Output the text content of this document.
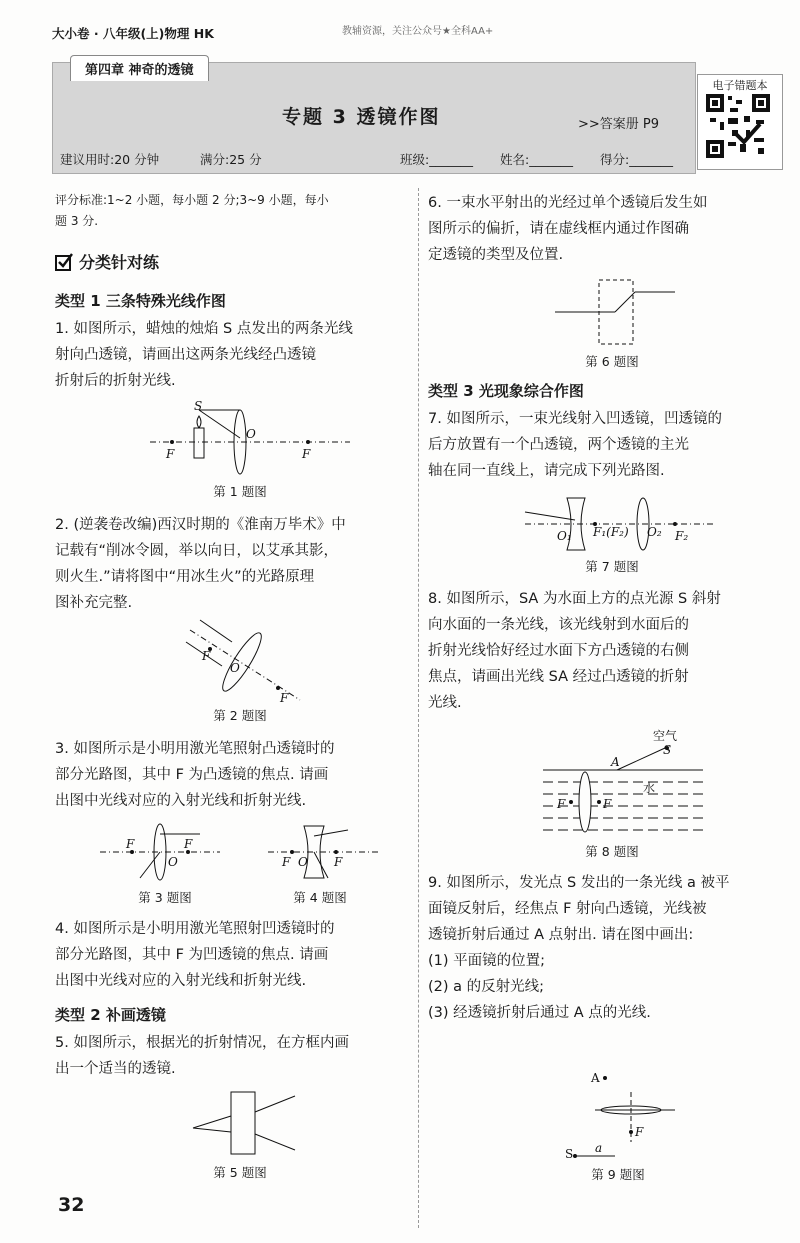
大小卷 · 八年级(上)物理 HK	教辅资源，关注公众号★全科AA+
第四章 神奇的透镜
专题 3 透镜作图	>>答案册 P9
建议用时:20 分钟	满分:25 分	班级:_______ 姓名:_______ 得分:_______
电子错题本
评分标准:1~2 小题，每小题 2 分;3~9 小题，每小
题 3 分.
分类针对练
类型 1 三条特殊光线作图
1. 如图所示，蜡烛的烛焰 S 点发出的两条光线
射向凸透镜，请画出这两条光线经凸透镜
折射后的折射光线.
S
O
F	F
第 1 题图
2. (逆袭卷改编)西汉时期的《淮南万毕术》中
记载有“削冰令圆，举以向日，以艾承其影，
则火生.”请将图中“用冰生火”的光路原理
图补充完整.
F
O
F
第 2 题图
3. 如图所示是小明用激光笔照射凸透镜时的
部分光路图，其中 F 为凸透镜的焦点. 请画
出图中光线对应的入射光线和折射光线.
F
O
F
第 3 题图
F O F
第 4 题图
4. 如图所示是小明用激光笔照射凹透镜时的
部分光路图，其中 F 为凹透镜的焦点. 请画
出图中光线对应的入射光线和折射光线.
类型 2 补画透镜
5. 如图所示，根据光的折射情况，在方框内画
出一个适当的透镜.
第 5 题图
32
6. 一束水平射出的光经过单个透镜后发生如
图所示的偏折，请在虚线框内通过作图确
定透镜的类型及位置.
第 6 题图
类型 3 光现象综合作图
7. 如图所示，一束光线射入凹透镜，凹透镜的
后方放置有一个凸透镜，两个透镜的主光
轴在同一直线上，请完成下列光路图.
O₁ F₁(F₂) O₂ F₂
第 7 题图
8. 如图所示，SA 为水面上方的点光源 S 斜射
向水面的一条光线，该光线射到水面后的
折射光线恰好经过水面下方凸透镜的右侧
焦点，请画出光线 SA 经过凸透镜的折射
光线.
S
A
空气
水
F	F
第 8 题图
9. 如图所示，发光点 S 发出的一条光线 a 被平
面镜反射后，经焦点 F 射向凸透镜，光线被
透镜折射后通过 A 点射出. 请在图中画出:
(1) 平面镜的位置;
(2) a 的反射光线;
(3) 经透镜折射后通过 A 点的光线.
A
F
S a
第 9 题图
